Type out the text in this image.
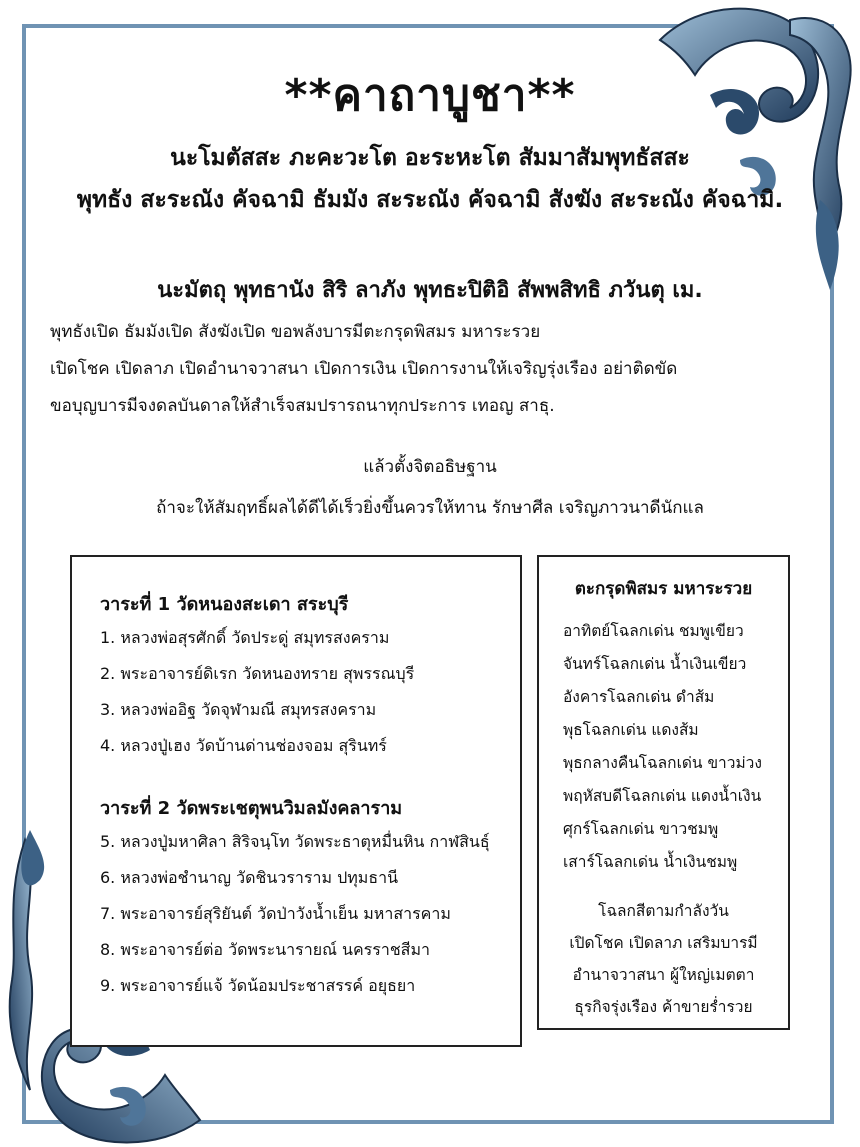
**คาถาบูชา**
นะโมตัสสะ ภะคะวะโต อะระหะโต สัมมาสัมพุทธัสสะ
พุทธัง สะระณัง คัจฉามิ ธัมมัง สะระณัง คัจฉามิ สังฆัง สะระณัง คัจฉามิ.
นะมัตถุ พุทธานัง สิริ ลาภัง พุทธะปิติอิ สัพพสิทธิ ภวันตุ เม.
พุทธังเปิด ธัมมังเปิด สังฆังเปิด ขอพลังบารมีตะกรุดพิสมร มหาระรวย
เปิดโชค เปิดลาภ เปิดอำนาจวาสนา เปิดการเงิน เปิดการงานให้เจริญรุ่งเรือง อย่าติดขัด
ขอบุญบารมีจงดลบันดาลให้สำเร็จสมปรารถนาทุกประการ เทอญ สาธุ.
แล้วตั้งจิตอธิษฐาน
ถ้าจะให้สัมฤทธิ์ผลได้ดีได้เร็วยิ่งขึ้นควรให้ทาน รักษาศีล เจริญภาวนาดีนักแล
วาระที่ 1 วัดหนองสะเดา สระบุรี
1. หลวงพ่อสุรศักดิ์ วัดประดู่ สมุทรสงคราม
2. พระอาจารย์ดิเรก วัดหนองทราย สุพรรณบุรี
3. หลวงพ่ออิฐ วัดจุฬามณี สมุทรสงคราม
4. หลวงปู่เฮง วัดบ้านด่านช่องจอม สุรินทร์
วาระที่ 2 วัดพระเชตุพนวิมลมังคลาราม
5. หลวงปู่มหาศิลา สิริจนฺโท วัดพระธาตุหมื่นหิน กาฬสินธุ์
6. หลวงพ่อชำนาญ วัดชินวราราม ปทุมธานี
7. พระอาจารย์สุริยันต์ วัดป่าวังน้ำเย็น มหาสารคาม
8. พระอาจารย์ต่อ วัดพระนารายณ์ นครราชสีมา
9. พระอาจารย์แจ้ วัดน้อมประชาสรรค์ อยุธยา
ตะกรุดพิสมร มหาระรวย
อาทิตย์โฉลกเด่น ชมพูเขียว
จันทร์โฉลกเด่น น้ำเงินเขียว
อังคารโฉลกเด่น ดำส้ม
พุธโฉลกเด่น แดงส้ม
พุธกลางคืนโฉลกเด่น ขาวม่วง
พฤหัสบดีโฉลกเด่น แดงน้ำเงิน
ศุกร์โฉลกเด่น ขาวชมพู
เสาร์โฉลกเด่น น้ำเงินชมพู
โฉลกสีตามกำลังวัน
เปิดโชค เปิดลาภ เสริมบารมี
อำนาจวาสนา ผู้ใหญ่เมตตา
ธุรกิจรุ่งเรือง ค้าขายร่ำรวย
